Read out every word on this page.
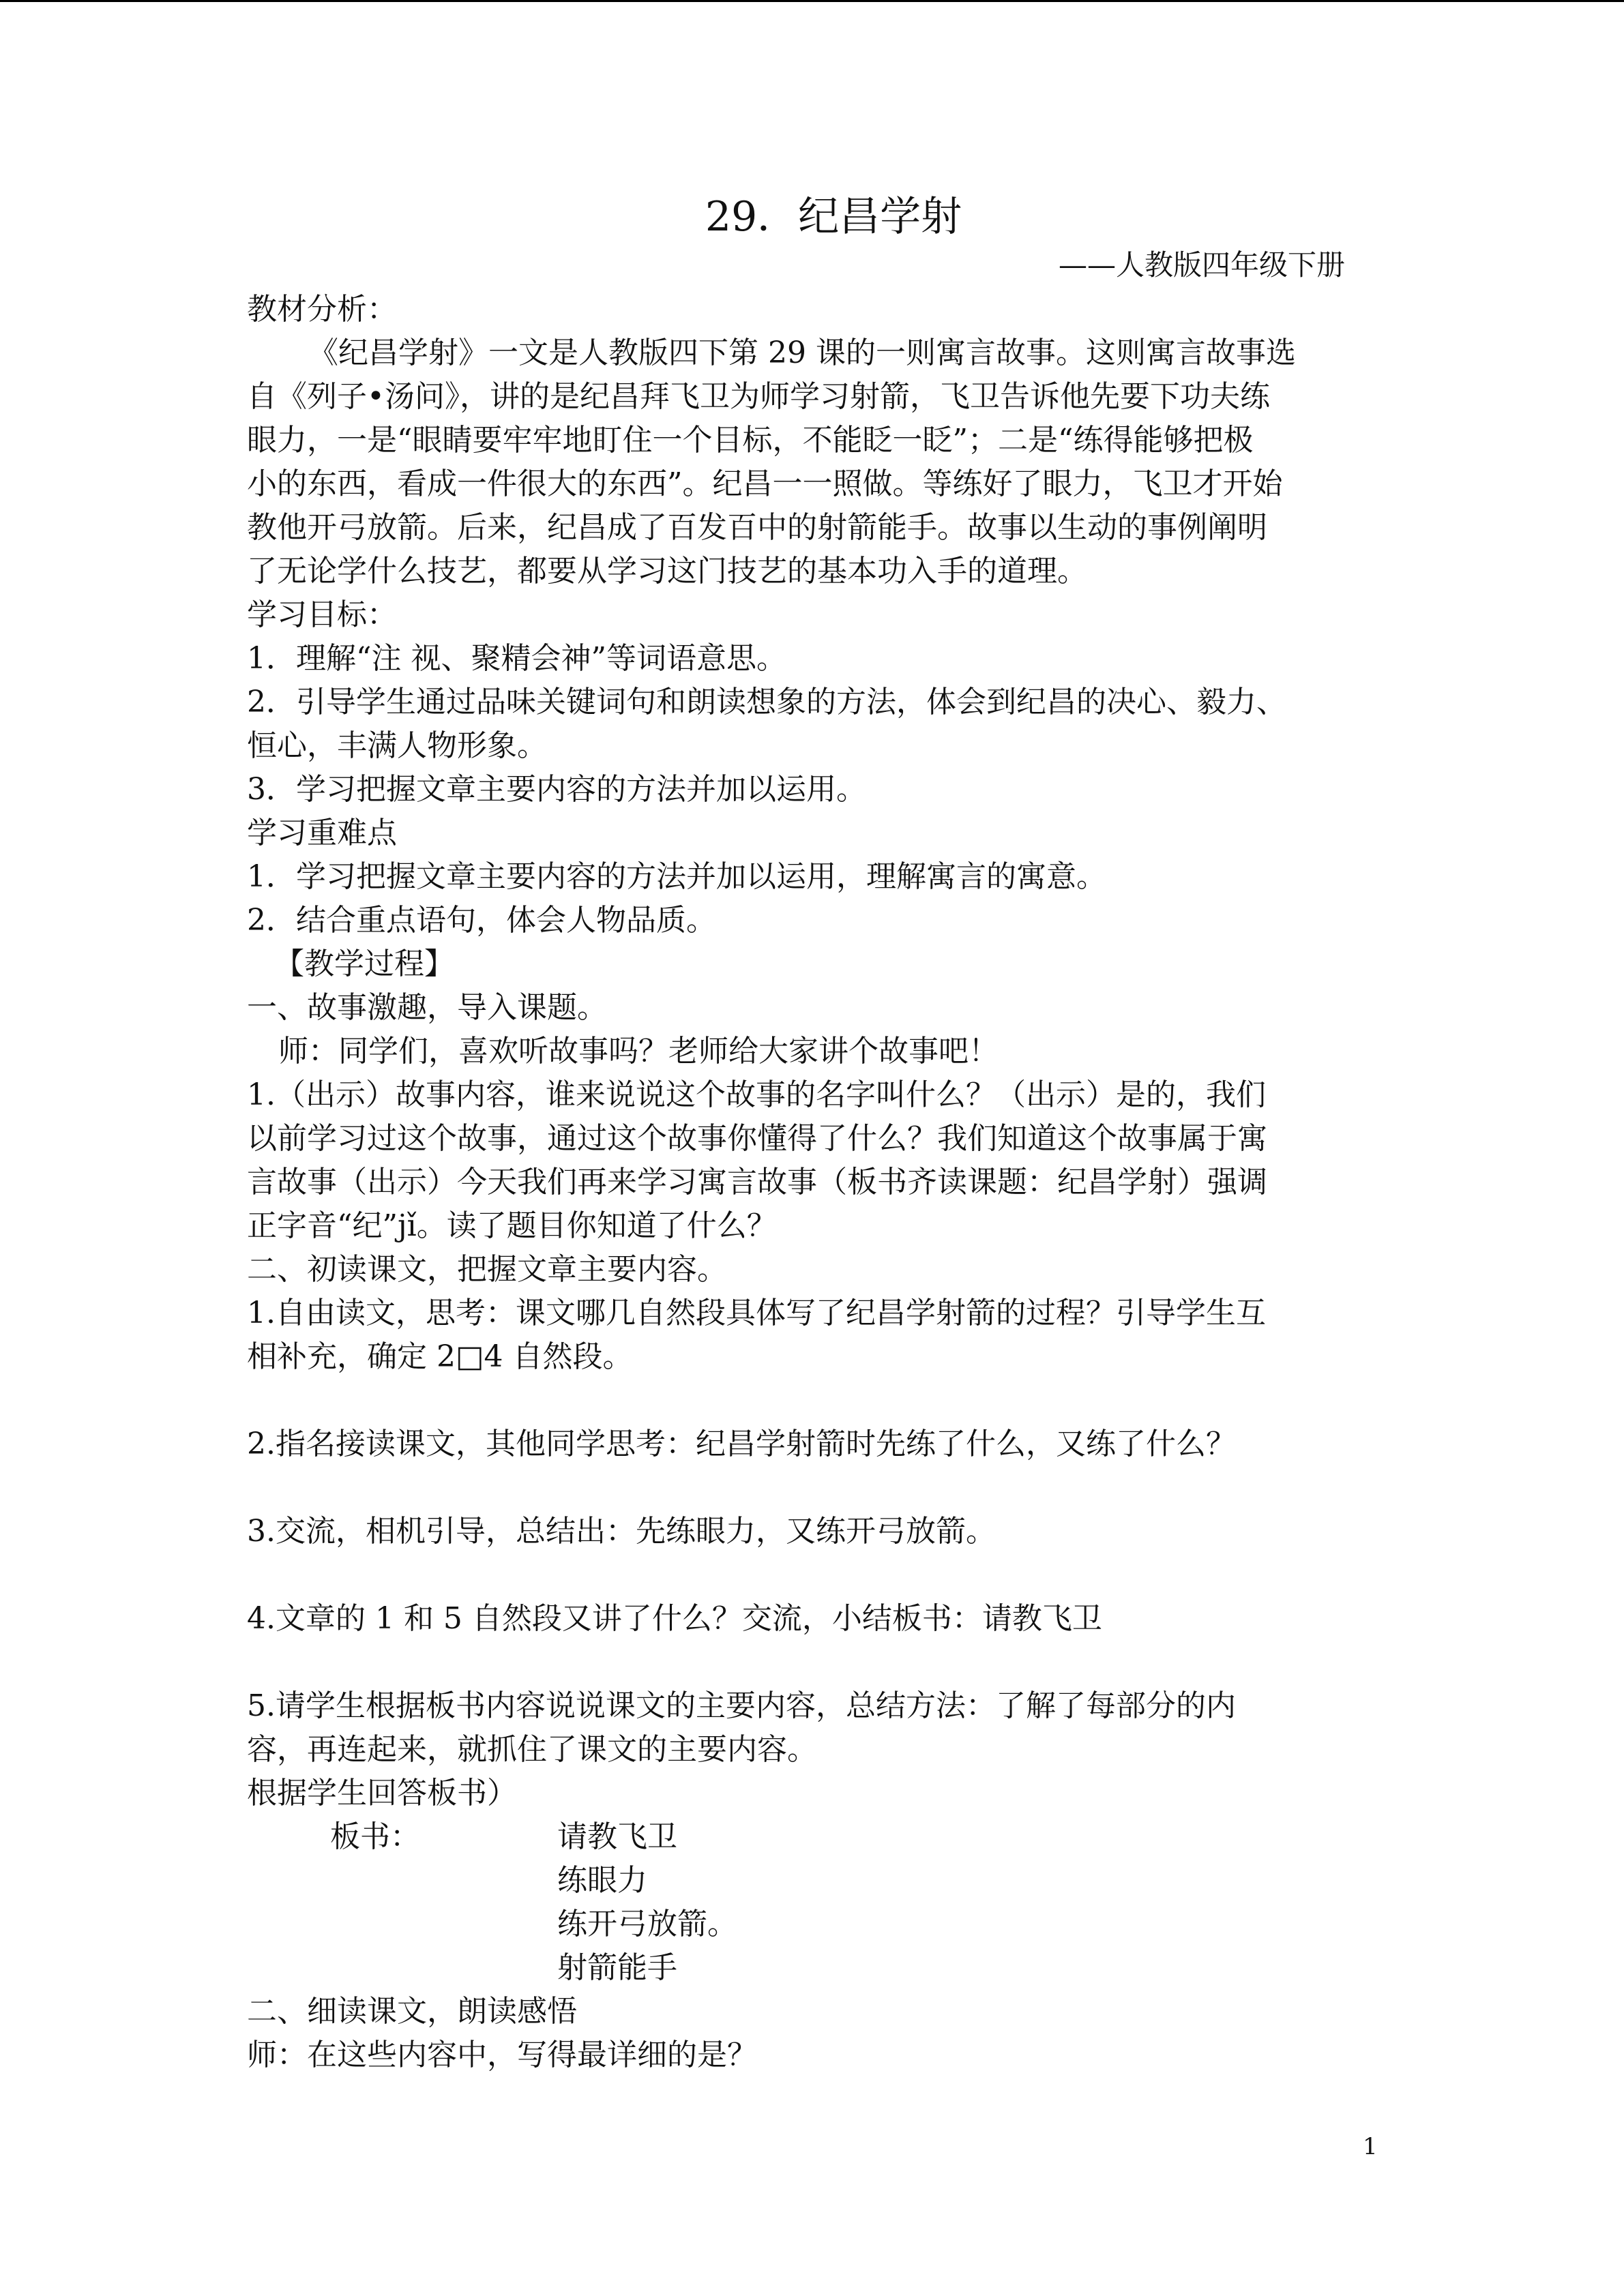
29．纪昌学射
——人教版四年级下册
教材分析：
《纪昌学射》一文是人教版四下第 29 课的一则寓言故事。这则寓言故事选
自《列子•汤问》，讲的是纪昌拜飞卫为师学习射箭，飞卫告诉他先要下功夫练
眼力，一是“眼睛要牢牢地盯住一个目标，不能眨一眨”；二是“练得能够把极
小的东西，看成一件很大的东西”。纪昌一一照做。等练好了眼力，飞卫才开始
教他开弓放箭。后来，纪昌成了百发百中的射箭能手。故事以生动的事例阐明
了无论学什么技艺，都要从学习这门技艺的基本功入手的道理。
学习目标：
1．理解“注 视、聚精会神”等词语意思。
2．引导学生通过品味关键词句和朗读想象的方法，体会到纪昌的决心、毅力、
恒心，丰满人物形象。
3．学习把握文章主要内容的方法并加以运用。
学习重难点
1．学习把握文章主要内容的方法并加以运用，理解寓言的寓意。
2．结合重点语句，体会人物品质。
【教学过程】
一、故事激趣，导入课题。
师：同学们，喜欢听故事吗？老师给大家讲个故事吧！
1.（出示）故事内容，谁来说说这个故事的名字叫什么？（出示）是的，我们
以前学习过这个故事，通过这个故事你懂得了什么？我们知道这个故事属于寓
言故事（出示）今天我们再来学习寓言故事（板书齐读课题：纪昌学射）强调
正字音“纪”jǐ。读了题目你知道了什么？
二、初读课文，把握文章主要内容。
1.自由读文，思考：课文哪几自然段具体写了纪昌学射箭的过程？引导学生互
相补充，确定 2□4 自然段。
2.指名接读课文，其他同学思考：纪昌学射箭时先练了什么，又练了什么？
3.交流，相机引导，总结出：先练眼力，又练开弓放箭。
4.文章的 1 和 5 自然段又讲了什么？交流，小结板书：请教飞卫
5.请学生根据板书内容说说课文的主要内容，总结方法：了解了每部分的内
容，再连起来，就抓住了课文的主要内容。
根据学生回答板书）
板书：	请教飞卫
练眼力
练开弓放箭。
射箭能手
二、细读课文，朗读感悟
师：在这些内容中，写得最详细的是？
1
